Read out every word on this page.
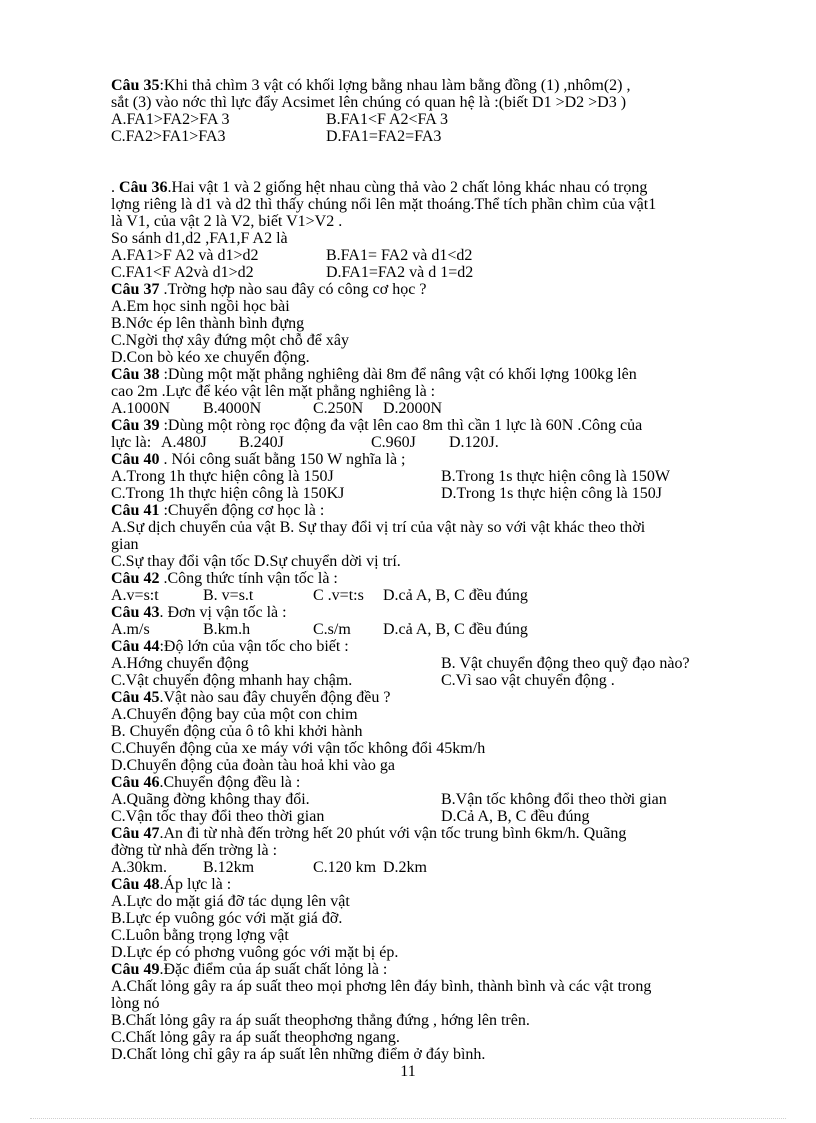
Câu 35:Khi thả chìm 3 vật có khối lợng bằng nhau làm bằng đồng (1) ,nhôm(2) ,
sắt (3) vào nớc thì lực đẩy Acsimet lên chúng có quan hệ là :(biết D1 >D2 >D3 )
A.FA1>FA2>FA 3	B.FA1<F A2<FA 3
C.FA2>FA1>FA3	D.FA1=FA2=FA3
. Câu 36.Hai vật 1 và 2 giống hệt nhau cùng thả vào 2 chất lỏng khác nhau có trọng
lợng riêng là d1 và d2 thì thấy chúng nổi lên mặt thoáng.Thể tích phần chìm của vật1
là V1, của vật 2 là V2, biết V1>V2 .
So sánh d1,d2 ,FA1,F A2 là
A.FA1>F A2 và d1>d2	B.FA1= FA2 và d1<d2
C.FA1<F A2và d1>d2	D.FA1=FA2 và d 1=d2
Câu 37 .Trờng hợp nào sau đây có công cơ học ?
A.Em học sinh ngồi học bài
B.Nớc ép lên thành bình đựng
C.Ngời thợ xây đứng một chỗ để xây
D.Con bò kéo xe chuyển động.
Câu 38 :Dùng một mặt phẳng nghiêng dài 8m để nâng vật có khối lợng 100kg lên
cao 2m .Lực để kéo vật lên mặt phẳng nghiêng là :
A.1000N B.4000N	C.250N D.2000N
Câu 39 :Dùng một ròng rọc động đa vật lên cao 8m thì cần 1 lực là 60N .Công của
lực là: A.480J B.240J	C.960J D.120J.
Câu 40 . Nói công suất bằng 150 W nghĩa là ;
A.Trong 1h thực hiện công là 150J	B.Trong 1s thực hiện công là 150W
C.Trong 1h thực hiện công là 150KJ	D.Trong 1s thực hiện công là 150J
Câu 41 :Chuyển động cơ học là :
A.Sự dịch chuyển của vật B. Sự thay đổi vị trí của vật này so với vật khác theo thời
gian
C.Sự thay đổi vận tốc D.Sự chuyển dời vị trí.
Câu 42 .Công thức tính vận tốc là :
A.v=s:t	B. v=s.t	C .v=t:s D.cả A, B, C đều đúng
Câu 43. Đơn vị vận tốc là :
A.m/s	B.km.h	C.s/m D.cả A, B, C đều đúng
Câu 44:Độ lớn của vận tốc cho biết :
A.Hớng chuyển động	B. Vật chuyển động theo quỹ đạo nào?
C.Vật chuyển động mhanh hay chậm.	C.Vì sao vật chuyển động .
Câu 45.Vật nào sau đây chuyển động đều ?
A.Chuyển động bay của một con chim
B. Chuyển động của ô tô khi khởi hành
C.Chuyển động của xe máy với vận tốc không đổi 45km/h
D.Chuyển động của đoàn tàu hoả khi vào ga
Câu 46.Chuyển động đều là :
A.Quãng đờng không thay đổi.	B.Vận tốc không đổi theo thời gian
C.Vận tốc thay đổi theo thời gian	D.Cả A, B, C đều đúng
Câu 47.An đi từ nhà đến trờng hết 20 phút với vận tốc trung bình 6km/h. Quãng
đờng từ nhà đến trờng là :
A.30km. B.12km	C.120 km D.2km
Câu 48.Áp lực là :
A.Lực do mặt giá đỡ tác dụng lên vật
B.Lực ép vuông góc với mặt giá đỡ.
C.Luôn bằng trọng lợng vật
D.Lực ép có phơng vuông góc với mặt bị ép.
Câu 49.Đặc điểm của áp suất chất lỏng là :
A.Chất lỏng gây ra áp suất theo mọi phơng lên đáy bình, thành bình và các vật trong
lòng nó
B.Chất lỏng gây ra áp suất theophơng thẳng đứng , hớng lên trên.
C.Chất lỏng gây ra áp suất theophơng ngang.
D.Chất lỏng chỉ gây ra áp suất lên những điểm ở đáy bình.
11
